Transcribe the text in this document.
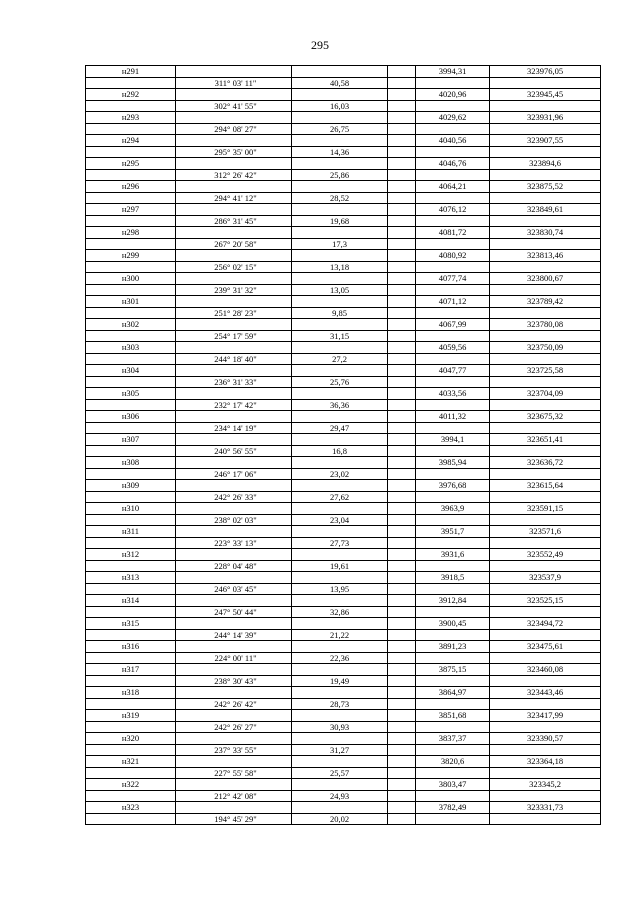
295
н291				3994,31	323976,05
	311° 03' 11"	40,58			
н292				4020,96	323945,45
	302° 41' 55"	16,03			
н293				4029,62	323931,96
	294° 08' 27"	26,75			
н294				4040,56	323907,55
	295° 35' 00"	14,36			
н295				4046,76	323894,6
	312° 26' 42"	25,86			
н296				4064,21	323875,52
	294° 41' 12"	28,52			
н297				4076,12	323849,61
	286° 31' 45"	19,68			
н298				4081,72	323830,74
	267° 20' 58"	17,3			
н299				4080,92	323813,46
	256° 02' 15"	13,18			
н300				4077,74	323800,67
	239° 31' 32"	13,05			
н301				4071,12	323789,42
	251° 28' 23"	9,85			
н302				4067,99	323780,08
	254° 17' 59"	31,15			
н303				4059,56	323750,09
	244° 18' 40"	27,2			
н304				4047,77	323725,58
	236° 31' 33"	25,76			
н305				4033,56	323704,09
	232° 17' 42"	36,36			
н306				4011,32	323675,32
	234° 14' 19"	29,47			
н307				3994,1	323651,41
	240° 56' 55"	16,8			
н308				3985,94	323636,72
	246° 17' 06"	23,02			
н309				3976,68	323615,64
	242° 26' 33"	27,62			
н310				3963,9	323591,15
	238° 02' 03"	23,04			
н311				3951,7	323571,6
	223° 33' 13"	27,73			
н312				3931,6	323552,49
	228° 04' 48"	19,61			
н313				3918,5	323537,9
	246° 03' 45"	13,95			
н314				3912,84	323525,15
	247° 50' 44"	32,86			
н315				3900,45	323494,72
	244° 14' 39"	21,22			
н316				3891,23	323475,61
	224° 00' 11"	22,36			
н317				3875,15	323460,08
	238° 30' 43"	19,49			
н318				3864,97	323443,46
	242° 26' 42"	28,73			
н319				3851,68	323417,99
	242° 26' 27"	30,93			
н320				3837,37	323390,57
	237° 33' 55"	31,27			
н321				3820,6	323364,18
	227° 55' 58"	25,57			
н322				3803,47	323345,2
	212° 42' 08"	24,93			
н323				3782,49	323331,73
	194° 45' 29"	20,02			
